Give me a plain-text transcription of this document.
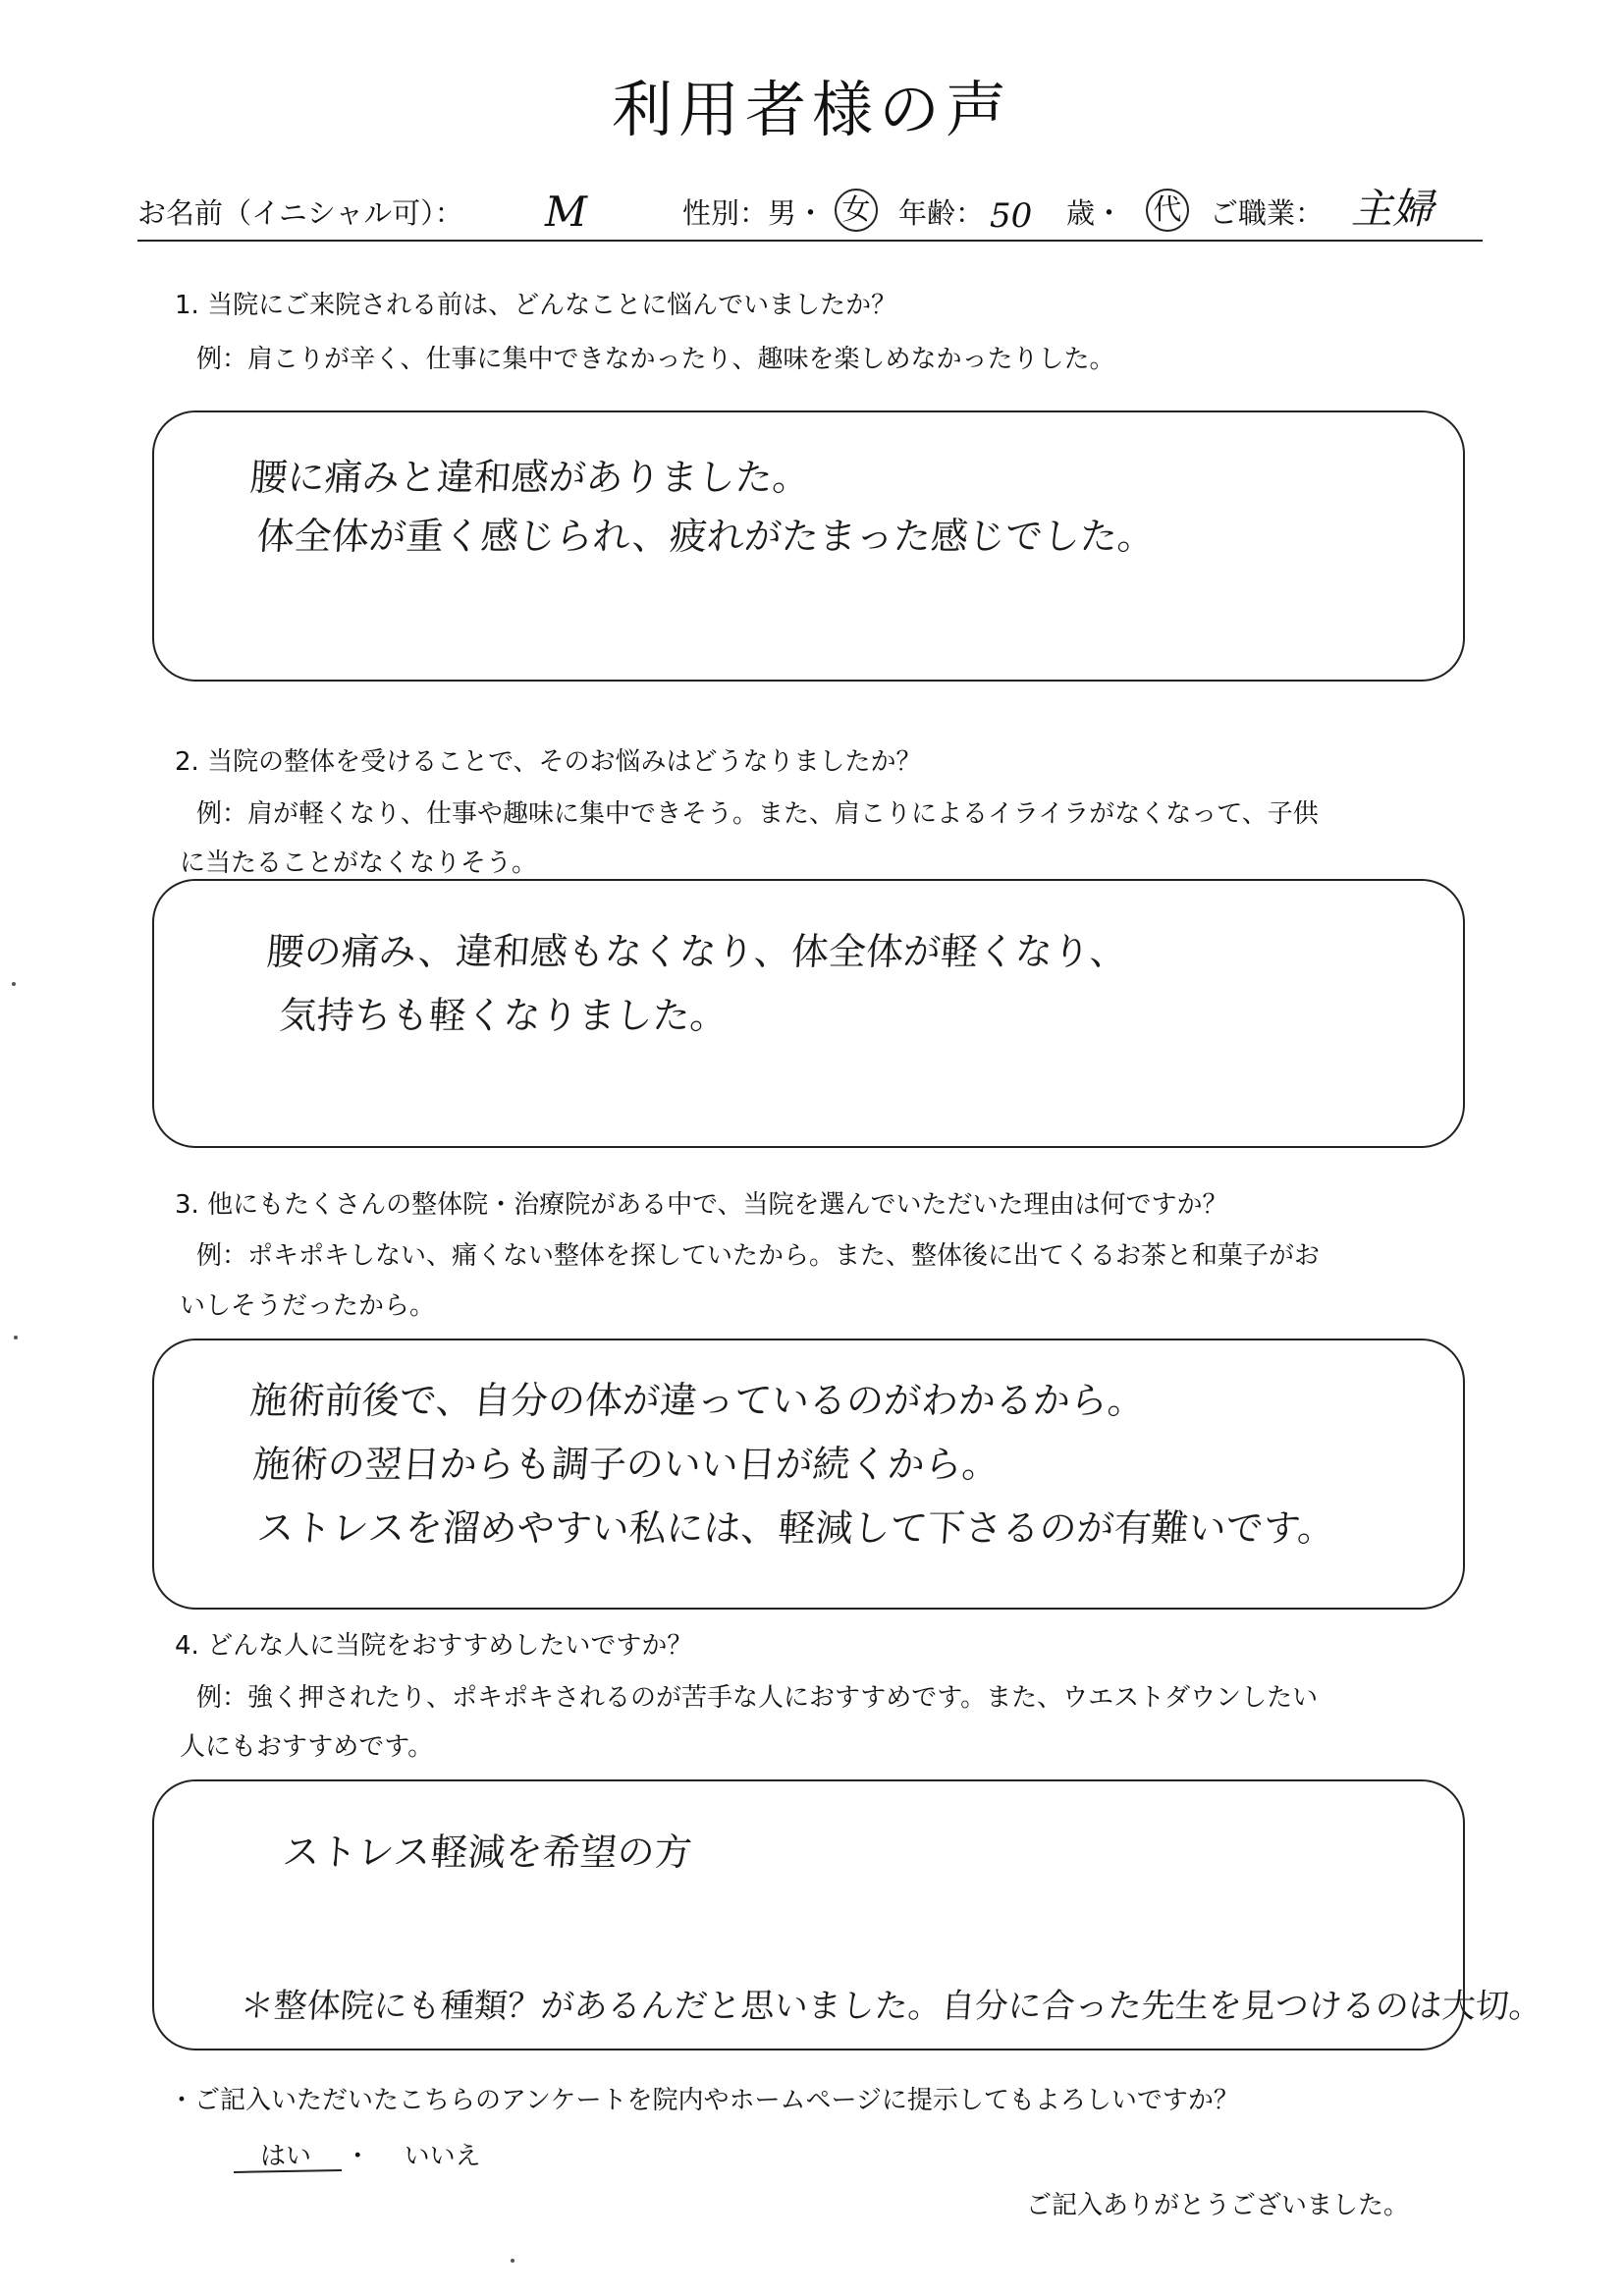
利用者様の声
お名前（イニシャル可）： M	性別：男・ 女 年齢： 50 歳・	代 ご職業： 主婦
1. 当院にご来院される前は、どんなことに悩んでいましたか？
例：肩こりが辛く、仕事に集中できなかったり、趣味を楽しめなかったりした。
腰に痛みと違和感がありました。
体全体が重く感じられ、疲れがたまった感じでした。
2. 当院の整体を受けることで、そのお悩みはどうなりましたか？
例：肩が軽くなり、仕事や趣味に集中できそう。また、肩こりによるイライラがなくなって、子供
に当たることがなくなりそう。
腰の痛み、違和感もなくなり、体全体が軽くなり、
気持ちも軽くなりました。
3. 他にもたくさんの整体院・治療院がある中で、当院を選んでいただいた理由は何ですか？
例：ポキポキしない、痛くない整体を探していたから。また、整体後に出てくるお茶と和菓子がお
いしそうだったから。
施術前後で、自分の体が違っているのがわかるから。
施術の翌日からも調子のいい日が続くから。
ストレスを溜めやすい私には、軽減して下さるのが有難いです。
4. どんな人に当院をおすすめしたいですか？
例：強く押されたり、ポキポキされるのが苦手な人におすすめです。また、ウエストダウンしたい
人にもおすすめです。
ストレス軽減を希望の方
＊整体院にも種類？があるんだと思いました。自分に合った先生を見つけるのは大切。
・ご記入いただいたこちらのアンケートを院内やホームページに提示してもよろしいですか？
はい ・ いいえ
ご記入ありがとうございました。
